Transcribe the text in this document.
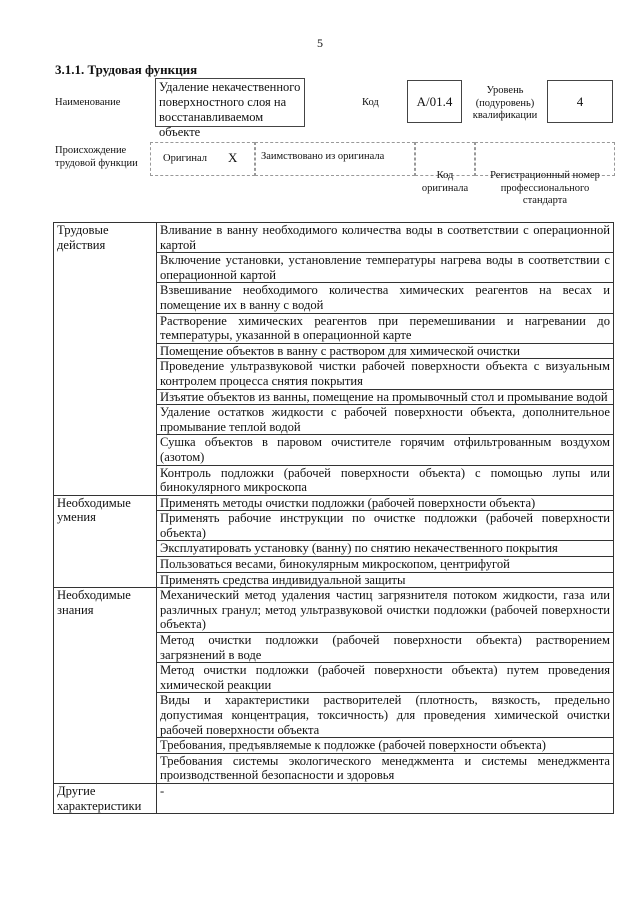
5
3.1.1. Трудовая функция
Наименование
Удаление некачественного поверхностного слоя на восстанавливаемом объекте
Код	A/01.4
Уровень (подуровень) квалификации
4
Происхождение трудовой функции	Оригинал X Заимствовано из оригинала
Код оригинала
Регистрационный номер профессионального стандарта
Трудовые действия	Вливание в ванну необходимого количества воды в соответствии с операционной картой
	Включение установки, установление температуры нагрева воды в соответствии с операционной картой
	Взвешивание необходимого количества химических реагентов на весах и помещение их в ванну с водой
	Растворение химических реагентов при перемешивании и нагревании до температуры, указанной в операционной карте
	Помещение объектов в ванну с раствором для химической очистки
	Проведение ультразвуковой чистки рабочей поверхности объекта с визуальным контролем процесса снятия покрытия
	Изъятие объектов из ванны, помещение на промывочный стол и промывание водой
	Удаление остатков жидкости с рабочей поверхности объекта, дополнительное промывание теплой водой
	Сушка объектов в паровом очистителе горячим отфильтрованным воздухом (азотом)
	Контроль подложки (рабочей поверхности объекта) с помощью лупы или бинокулярного микроскопа
Необходимые умения	Применять методы очистки подложки (рабочей поверхности объекта)
	Применять рабочие инструкции по очистке подложки (рабочей поверхности объекта)
	Эксплуатировать установку (ванну) по снятию некачественного покрытия
	Пользоваться весами, бинокулярным микроскопом, центрифугой
	Применять средства индивидуальной защиты
Необходимые знания	Механический метод удаления частиц загрязнителя потоком жидкости, газа или различных гранул; метод ультразвуковой очистки подложки (рабочей поверхности объекта)
	Метод очистки подложки (рабочей поверхности объекта) растворением загрязнений в воде
	Метод очистки подложки (рабочей поверхности объекта) путем проведения химической реакции
	Виды и характеристики растворителей (плотность, вязкость, предельно допустимая концентрация, токсичность) для проведения химической очистки рабочей поверхности объекта
	Требования, предъявляемые к подложке (рабочей поверхности объекта)
	Требования системы экологического менеджмента и системы менеджмента производственной безопасности и здоровья
Другие характеристики	-
